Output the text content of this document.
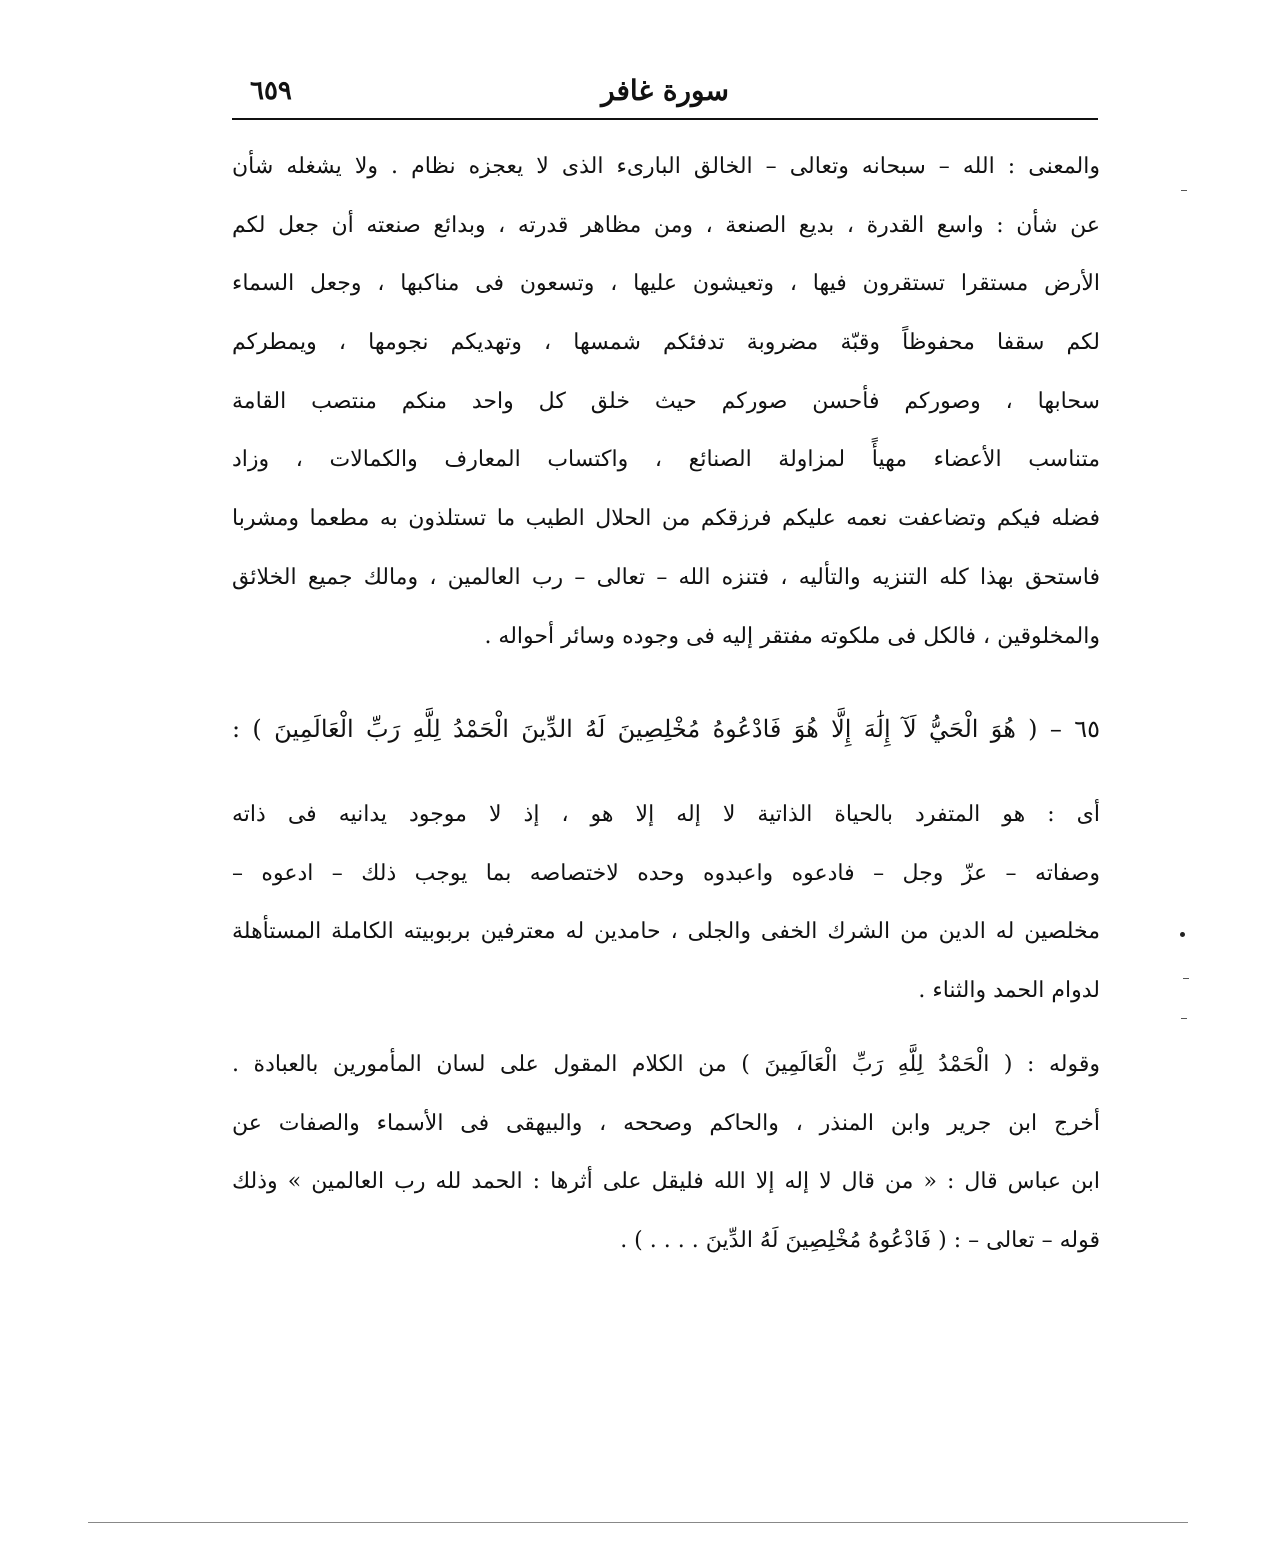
٦٥٩	سورة غافر
والمعنى : الله – سبحانه وتعالى – الخالق البارىء الذى لا يعجزه نظام . ولا يشغله شأن
عن شأن : واسع القدرة ، بديع الصنعة ، ومن مظاهر قدرته ، وبدائع صنعته أن جعل لكم
الأرض مستقرا تستقرون فيها ، وتعيشون عليها ، وتسعون فى مناكبها ، وجعل السماء
لكم سقفا محفوظاً وقبّة مضروبة تدفئكم شمسها ، وتهديكم نجومها ، ويمطركم
سحابها ، وصوركم فأحسن صوركم حيث خلق كل واحد منكم منتصب القامة
متناسب الأعضاء مهيأً لمزاولة الصنائع ، واكتساب المعارف والكمالات ، وزاد
فضله فيكم وتضاعفت نعمه عليكم فرزقكم من الحلال الطيب ما تستلذون به مطعما ومشربا
فاستحق بهذا كله التنزيه والتأليه ، فتنزه الله – تعالى – رب العالمين ، ومالك جميع الخلائق
والمخلوقين ، فالكل فى ملكوته مفتقر إليه فى وجوده وسائر أحواله .
٦٥ – ( هُوَ الْحَيُّ لَآ إِلَٰهَ إِلَّا هُوَ فَادْعُوهُ مُخْلِصِينَ لَهُ الدِّينَ الْحَمْدُ لِلَّهِ رَبِّ الْعَالَمِينَ ) :
أى : هو المتفرد بالحياة الذاتية لا إله إلا هو ، إذ لا موجود يدانيه فى ذاته
وصفاته – عزّ وجل – فادعوه واعبدوه وحده لاختصاصه بما يوجب ذلك – ادعوه –
مخلصين له الدين من الشرك الخفى والجلى ، حامدين له معترفين بربوبيته الكاملة المستأهلة
لدوام الحمد والثناء .
وقوله : ( الْحَمْدُ لِلَّهِ رَبِّ الْعَالَمِينَ ) من الكلام المقول على لسان المأمورين بالعبادة .
أخرج ابن جرير وابن المنذر ، والحاكم وصححه ، والبيهقى فى الأسماء والصفات عن
ابن عباس قال : « من قال لا إله إلا الله فليقل على أثرها : الحمد لله رب العالمين » وذلك
قوله – تعالى – : ( فَادْعُوهُ مُخْلِصِينَ لَهُ الدِّينَ . . . . ) .
